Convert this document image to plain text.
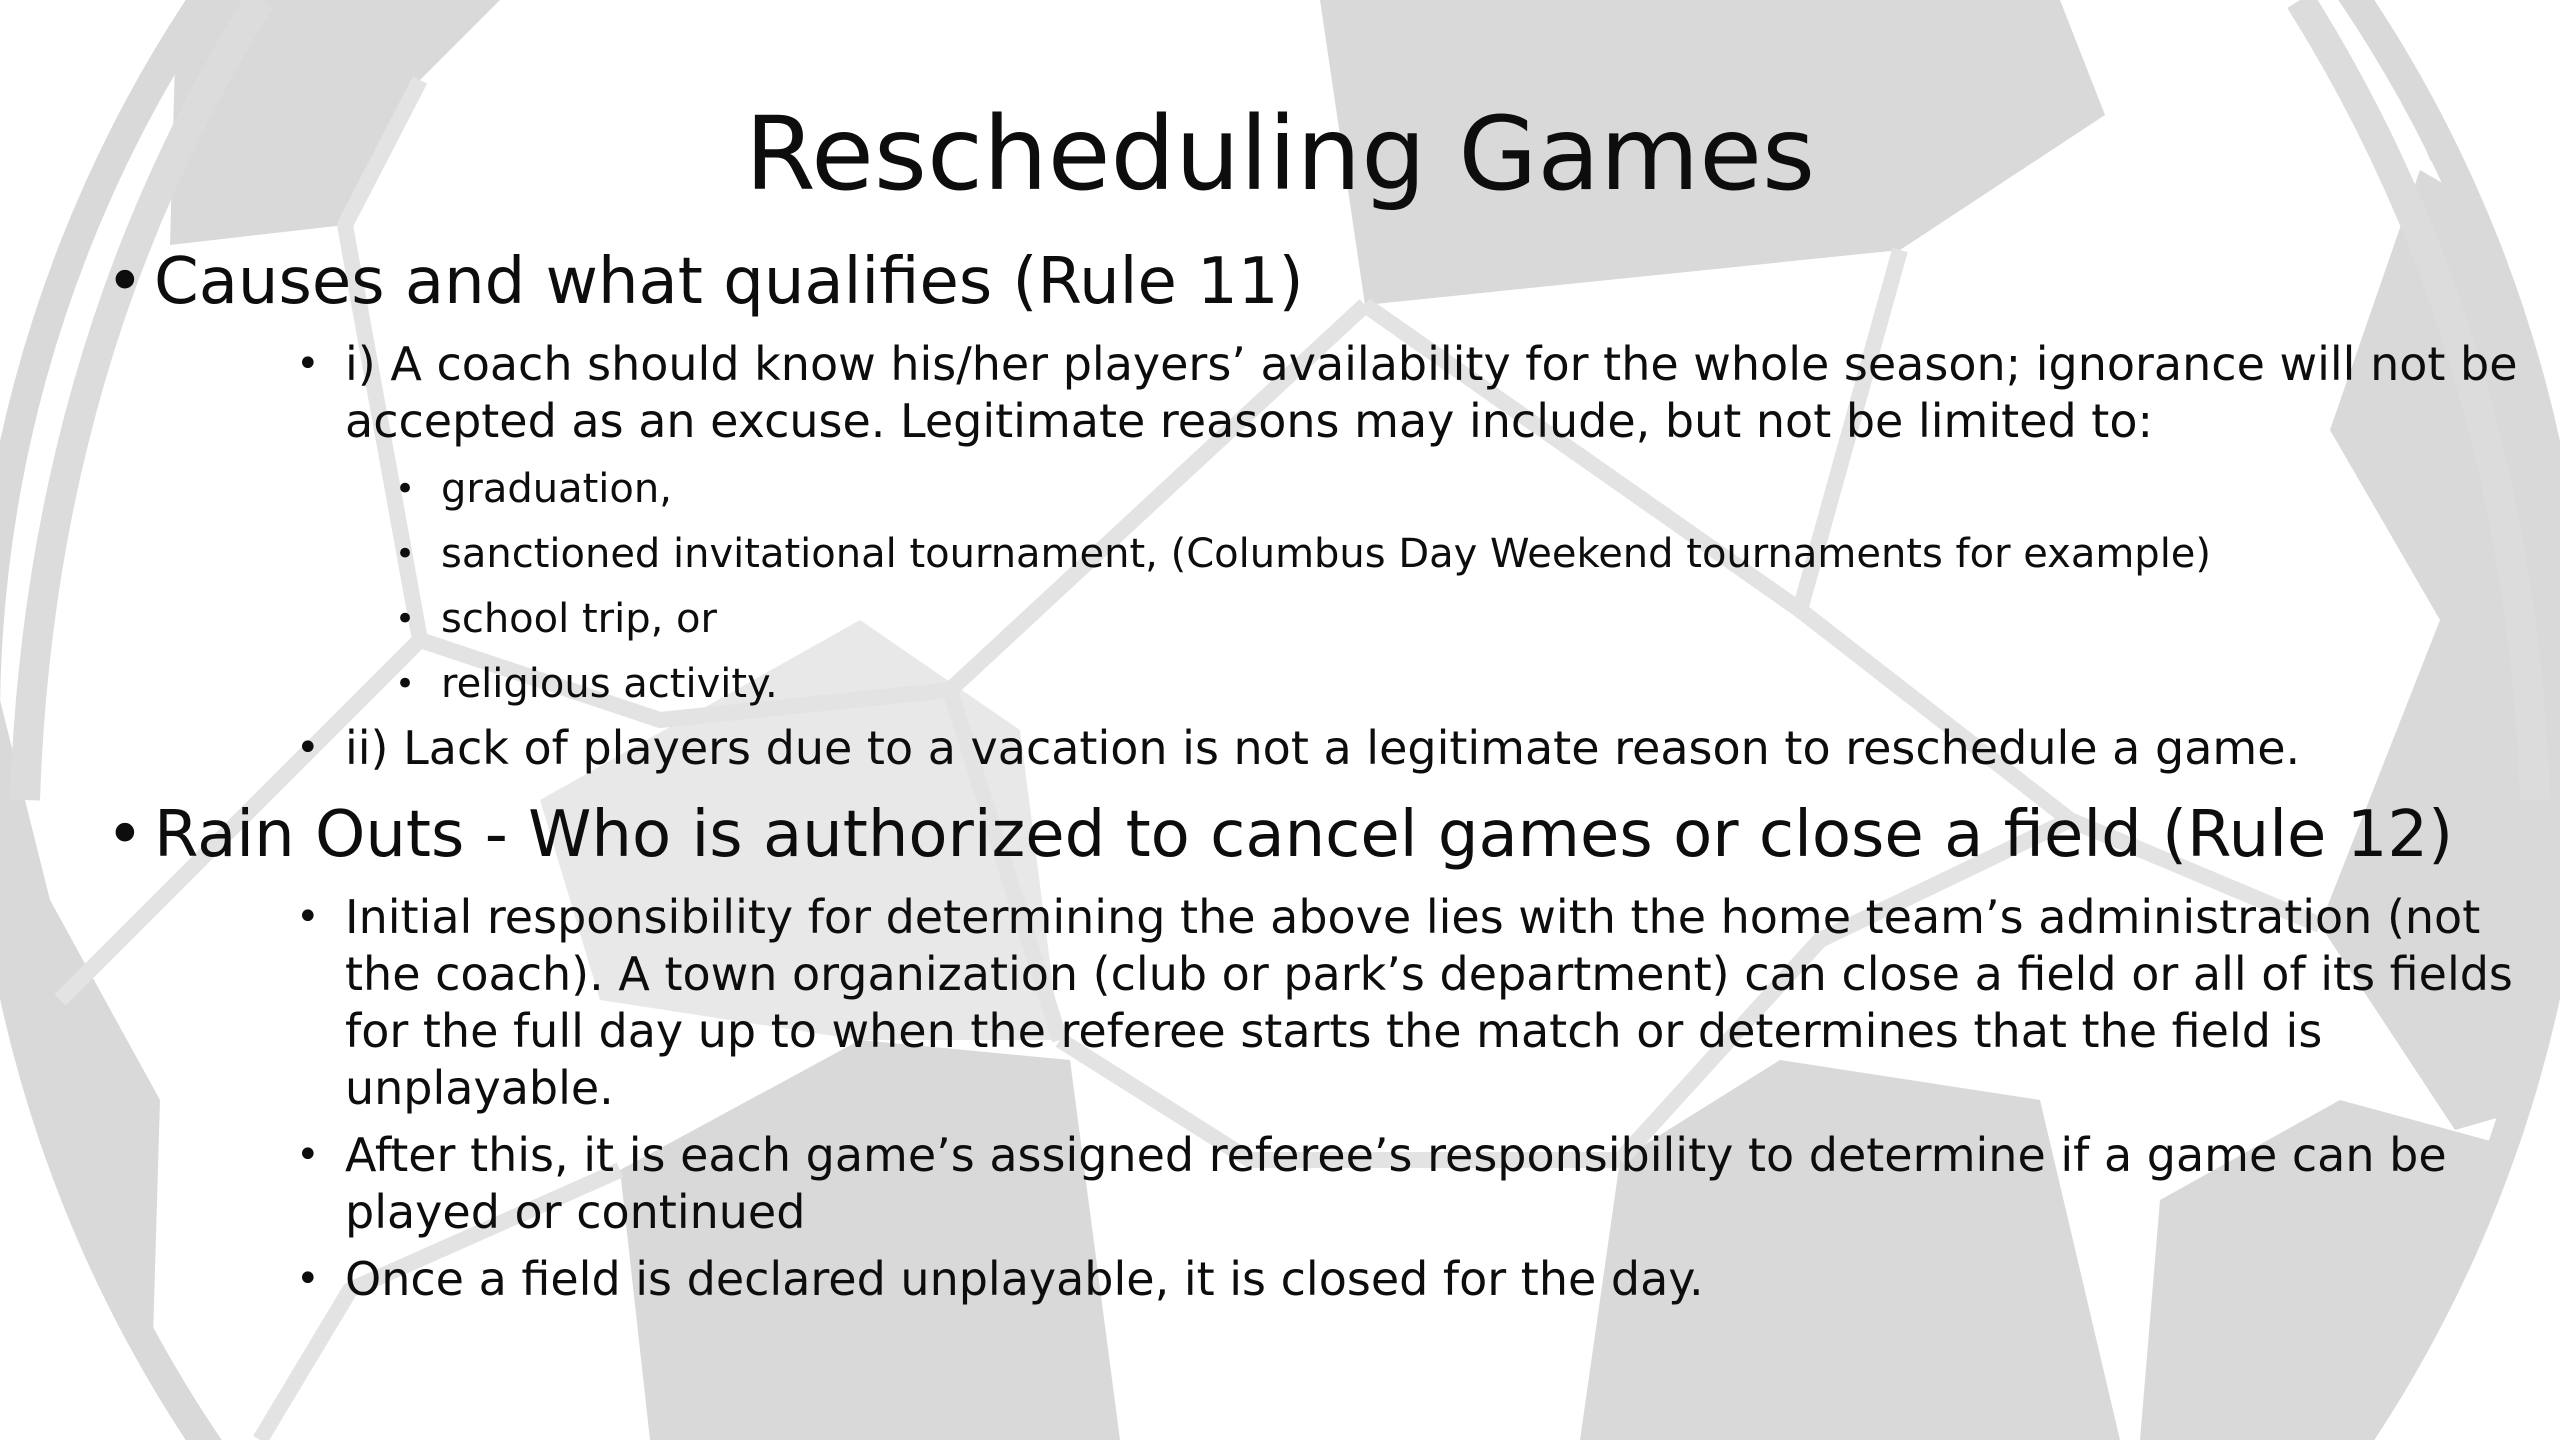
Rescheduling Games
• Causes and what qualifies (Rule 11)
• i) A coach should know his/her players’ availability for the whole season; ignorance will not be accepted as an excuse. Legitimate reasons may include, but not be limited to:
• graduation,
• sanctioned invitational tournament, (Columbus Day Weekend tournaments for example)
• school trip, or
• religious activity.
• ii) Lack of players due to a vacation is not a legitimate reason to reschedule a game.
• Rain Outs - Who is authorized to cancel games or close a field (Rule 12)
• Initial responsibility for determining the above lies with the home team’s administration (not the coach). A town organization (club or park’s department) can close a field or all of its fields for the full day up to when the referee starts the match or determines that the field is unplayable.
• After this, it is each game’s assigned referee’s responsibility to determine if a game can be played or continued
• Once a field is declared unplayable, it is closed for the day.
